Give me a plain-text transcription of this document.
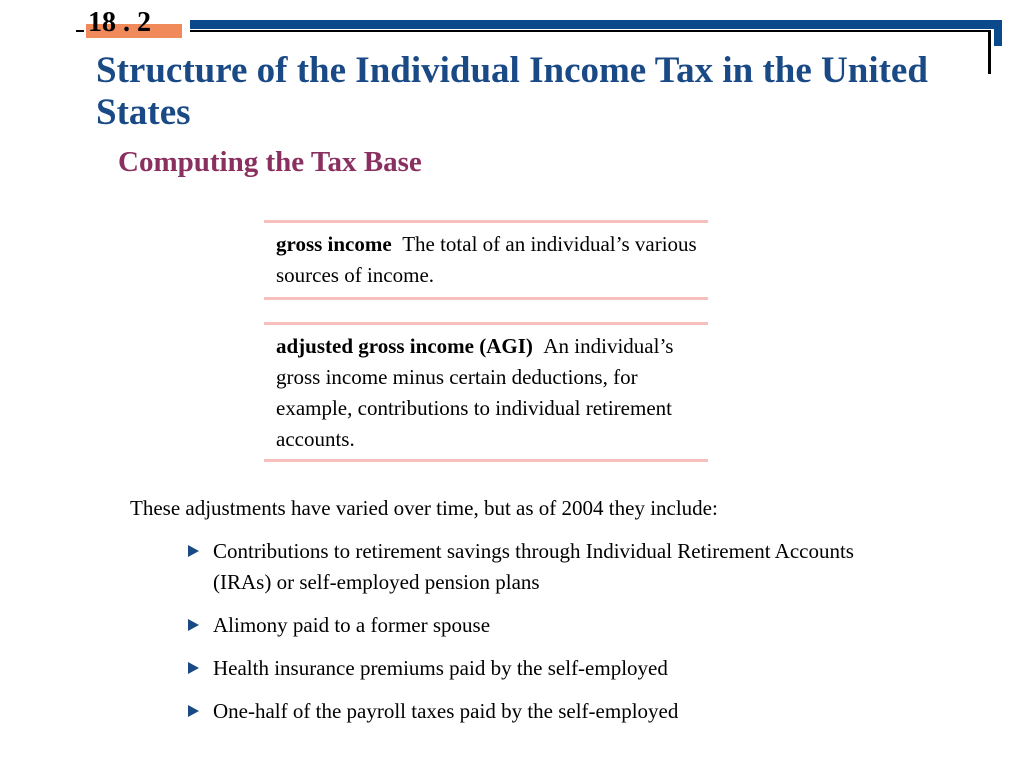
18 . 2
Structure of the Individual Income Tax in the United States
Computing the Tax Base
gross income The total of an individual’s various sources of income.
adjusted gross income (AGI) An individual’s gross income minus certain deductions, for example, contributions to individual retirement accounts.
These adjustments have varied over time, but as of 2004 they include:
Contributions to retirement savings through Individual Retirement Accounts (IRAs) or self-employed pension plans
Alimony paid to a former spouse
Health insurance premiums paid by the self-employed
One-half of the payroll taxes paid by the self-employed
